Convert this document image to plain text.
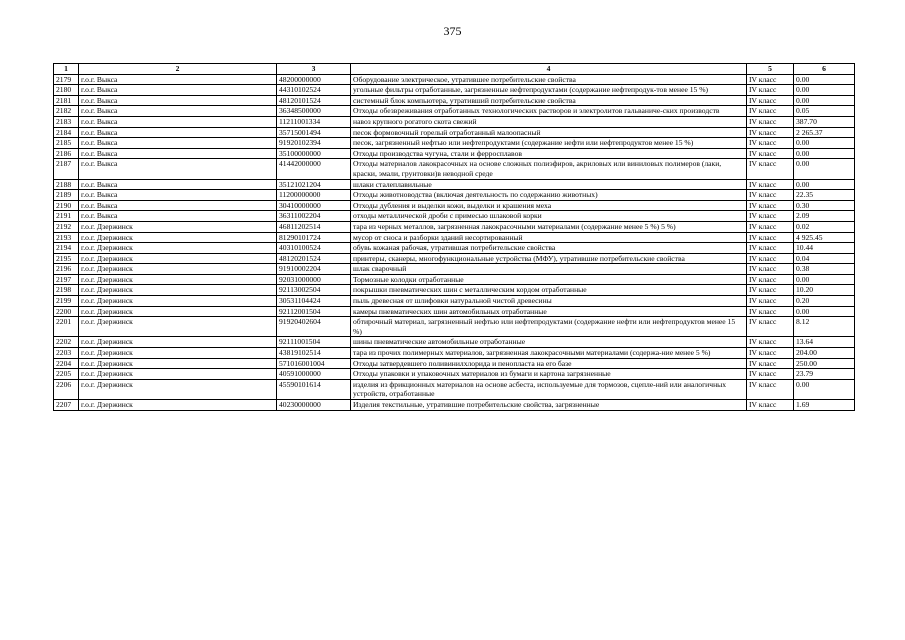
375
1	2	3	4	5	6
2179	г.о.г. Выкса	48200000000	Оборудование электрическое, утратившее потребительские свойства	IV класс	0.00
2180	г.о.г. Выкса	44310102524	угольные фильтры отработанные, загрязненные нефтепродуктами (содержание нефтепродук-тов менее 15 %)	IV класс	0.00
2181	г.о.г. Выкса	48120101524	системный блок компьютера, утративший потребительские свойства	IV класс	0.00
2182	г.о.г. Выкса	36348500000	Отходы обезвреживания отработанных технологических растворов и электролитов гальваниче-ских производств	IV класс	0.05
2183	г.о.г. Выкса	11211001334	навоз крупного рогатого скота свежий	IV класс	387.70
2184	г.о.г. Выкса	35715001494	песок формовочный горелый отработанный малоопасный	IV класс	2 265.37
2185	г.о.г. Выкса	91920102394	песок, загрязненный нефтью или нефтепродуктами (содержание нефти или нефтепродуктов менее 15 %)	IV класс	0.00
2186	г.о.г. Выкса	35100000000	Отходы производства чугуна, стали и ферросплавов	IV класс	0.00
2187	г.о.г. Выкса	41442000000	Отходы материалов лакокрасочных на основе сложных полиэфиров, акриловых или виниловых полимеров (лаки, краски, эмали, грунтовки)в неводной среде	IV класс	0.00
2188	г.о.г. Выкса	35121021204	шлаки сталеплавильные	IV класс	0.00
2189	г.о.г. Выкса	11200000000	Отходы животноводства (включая деятельность по содержанию животных)	IV класс	22.35
2190	г.о.г. Выкса	30410000000	Отходы дубления и выделки кожи, выделки и крашения меха	IV класс	0.30
2191	г.о.г. Выкса	36311002204	отходы металлической дроби с примесью шлаковой корки	IV класс	2.09
2192	г.о.г. Дзержинск	46811202514	тара из черных металлов, загрязненная лакокрасочными материалами (содержание менее 5 %) 5 %)	IV класс	0.02
2193	г.о.г. Дзержинск	81290101724	мусор от сноса и разборки зданий несортированный	IV класс	4 925.45
2194	г.о.г. Дзержинск	40310100524	обувь кожаная рабочая, утратившая потребительские свойства	IV класс	10.44
2195	г.о.г. Дзержинск	48120201524	принтеры, сканеры, многофункциональные устройства (МФУ), утратившие потребительские свойства	IV класс	0.04
2196	г.о.г. Дзержинск	91910002204	шлак сварочный	IV класс	0.38
2197	г.о.г. Дзержинск	92031000000	Тормозные колодки отработанные	IV класс	0.00
2198	г.о.г. Дзержинск	92113002504	покрышки пневматических шин с металлическим кордом отработанные	IV класс	10.20
2199	г.о.г. Дзержинск	30531104424	пыль древесная от шлифовки натуральной чистой древесины	IV класс	0.20
2200	г.о.г. Дзержинск	92112001504	камеры пневматических шин автомобильных отработанные	IV класс	0.00
2201	г.о.г. Дзержинск	91920402604	обтирочный материал, загрязненный нефтью или нефтепродуктами (содержание нефти или нефтепродуктов менее 15 %)	IV класс	8.12
2202	г.о.г. Дзержинск	92111001504	шины пневматические автомобильные отработанные	IV класс	13.64
2203	г.о.г. Дзержинск	43819102514	тара из прочих полимерных материалов, загрязненная лакокрасочными материалами (содержа-ние менее 5 %)	IV класс	204.00
2204	г.о.г. Дзержинск	571016001004	Отходы затвердевшего поливинилхлорида и пенопласта на его базе	IV класс	250.00
2205	г.о.г. Дзержинск	40591000000	Отходы упаковки и упаковочных материалов из бумаги и картона загрязненные	IV класс	23.79
2206	г.о.г. Дзержинск	45590101614	изделия из фрикционных материалов на основе асбеста, используемые для тормозов, сцепле-ний или аналогичных устройств, отработанные	IV класс	0.00
2207	г.о.г. Дзержинск	40230000000	Изделия текстильные, утратившие потребительские свойства, загрязненные	IV класс	1.69
